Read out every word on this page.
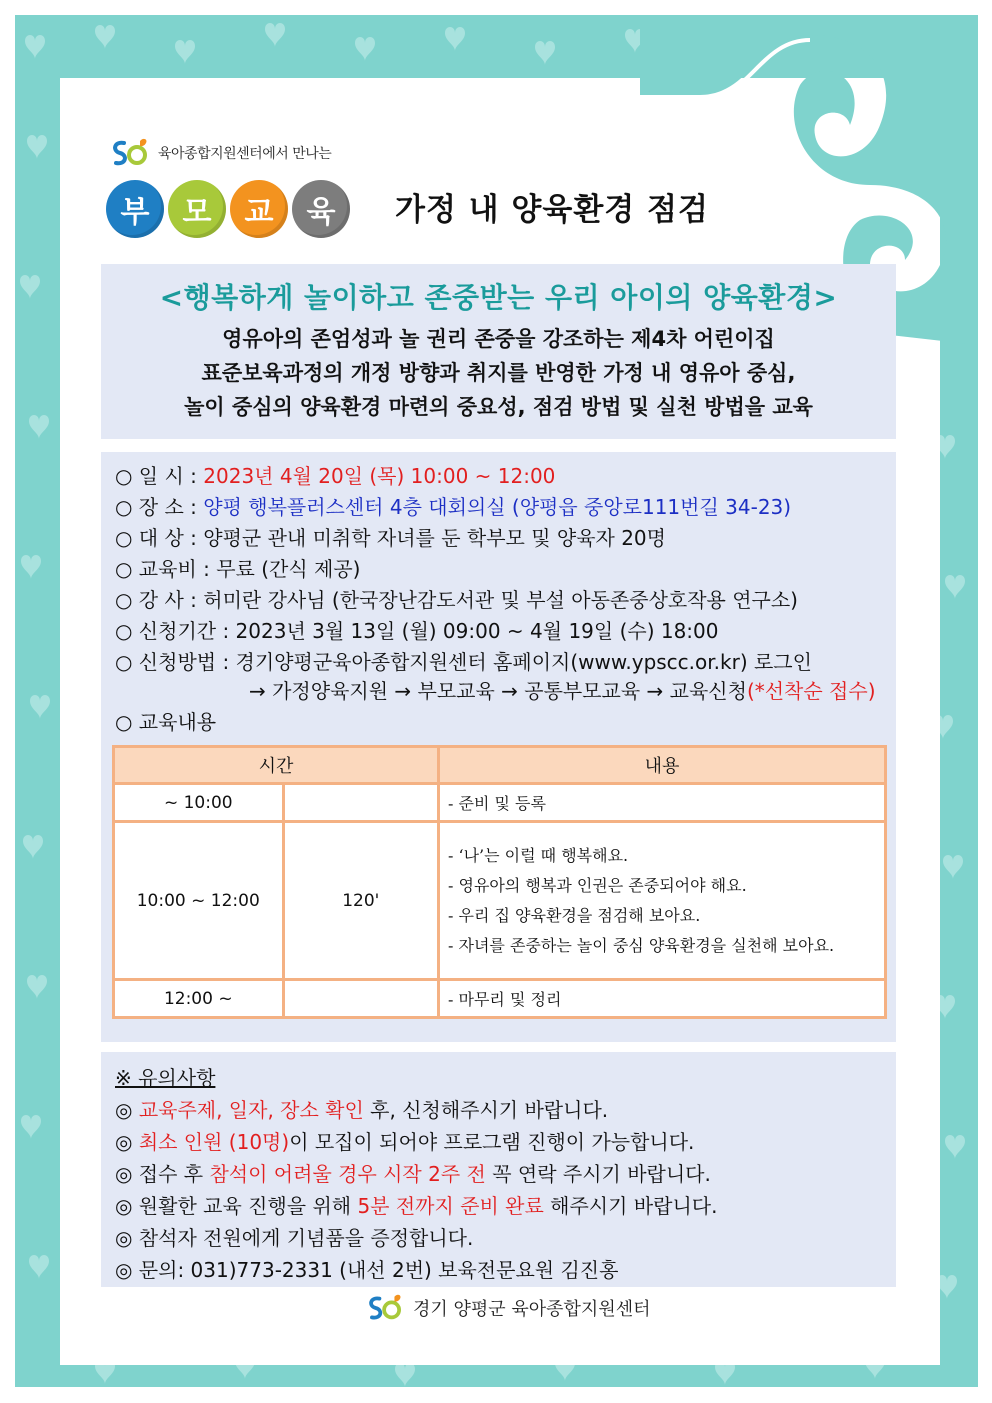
육아종합지원센터에서 만나는
부	모	교	육	가정 내 양육환경 점검
<행복하게 놀이하고 존중받는 우리 아이의 양육환경>
영유아의 존엄성과 놀 권리 존중을 강조하는 제4차 어린이집
표준보육과정의 개정 방향과 취지를 반영한 가정 내 영유아 중심,
놀이 중심의 양육환경 마련의 중요성, 점검 방법 및 실천 방법을 교육
○ 일 시 : 2023년 4월 20일 (목) 10:00 ~ 12:00
○ 장 소 : 양평 행복플러스센터 4층 대회의실 (양평읍 중앙로111번길 34-23)
○ 대 상 : 양평군 관내 미취학 자녀를 둔 학부모 및 양육자 20명
○ 교육비 : 무료 (간식 제공)
○ 강 사 : 허미란 강사님 (한국장난감도서관 및 부설 아동존중상호작용 연구소)
○ 신청기간 : 2023년 3월 13일 (월) 09:00 ~ 4월 19일 (수) 18:00
○ 신청방법 : 경기양평군육아종합지원센터 홈페이지(www.ypscc.or.kr) 로그인
→ 가정양육지원 → 부모교육 → 공통부모교육 → 교육신청(*선착순 접수)
○ 교육내용
시간		내용
~ 10:00		- 준비 및 등록
10:00 ~ 12:00	120'	- ‘나’는 이럴 때 행복해요.
- 영유아의 행복과 인권은 존중되어야 해요.
- 우리 집 양육환경을 점검해 보아요.
- 자녀를 존중하는 놀이 중심 양육환경을 실천해 보아요.

12:00 ~		- 마무리 및 정리
※ 유의사항
◎ 교육주제, 일자, 장소 확인 후, 신청해주시기 바랍니다.
◎ 최소 인원 (10명)이 모집이 되어야 프로그램 진행이 가능합니다.
◎ 접수 후 참석이 어려울 경우 시작 2주 전 꼭 연락 주시기 바랍니다.
◎ 원활한 교육 진행을 위해 5분 전까지 준비 완료 해주시기 바랍니다.
◎ 참석자 전원에게 기념품을 증정합니다.
◎ 문의: 031)773-2331 (내선 2번) 보육전문요원 김진홍
경기 양평군 육아종합지원센터
